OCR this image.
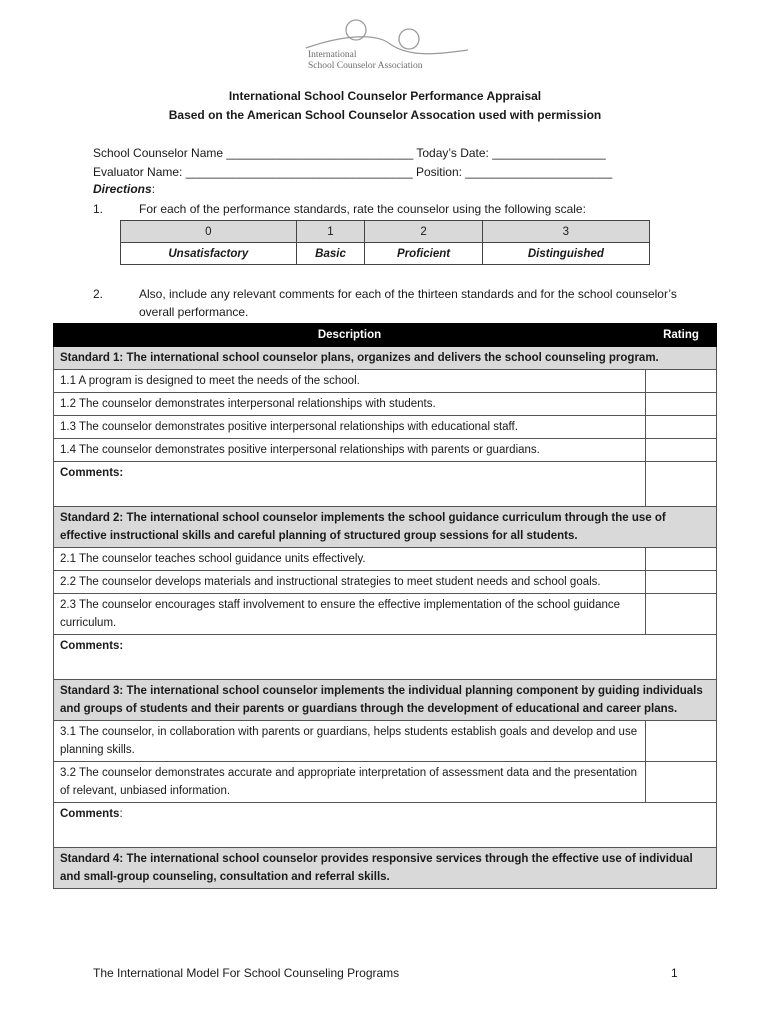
International
School Counselor Association
International School Counselor Performance Appraisal
Based on the American School Counselor Assocation used with permission
School Counselor Name ____________________________ Today’s Date: _________________
Evaluator Name: __________________________________ Position: ______________________
Directions:
1.	For each of the performance standards, rate the counselor using the following scale:
0	1	2	3
Unsatisfactory	Basic	Proficient	Distinguished
2.	Also, include any relevant comments for each of the thirteen standards and for the school counselor’s overall performance.
Description	Rating
Standard 1: The international school counselor plans, organizes and delivers the school counseling program.	
1.1 A program is designed to meet the needs of the school.	
1.2 The counselor demonstrates interpersonal relationships with students.	
1.3 The counselor demonstrates positive interpersonal relationships with educational staff.	
1.4 The counselor demonstrates positive interpersonal relationships with parents or guardians.	
Comments:	
Standard 2: The international school counselor implements the school guidance curriculum through the use of effective instructional skills and careful planning of structured group sessions for all students.	
2.1 The counselor teaches school guidance units effectively.	
2.2 The counselor develops materials and instructional strategies to meet student needs and school goals.	
2.3 The counselor encourages staff involvement to ensure the effective implementation of the school guidance curriculum.	
Comments:	
Standard 3: The international school counselor implements the individual planning component by guiding individuals and groups of students and their parents or guardians through the development of educational and career plans.	
3.1 The counselor, in collaboration with parents or guardians, helps students establish goals and develop and use planning skills.	
3.2 The counselor demonstrates accurate and appropriate interpretation of assessment data and the presentation of relevant, unbiased information.	
Comments:	
Standard 4: The international school counselor provides responsive services through the effective use of individual and small-group counseling, consultation and referral skills.	
The International Model For School Counseling Programs	1
